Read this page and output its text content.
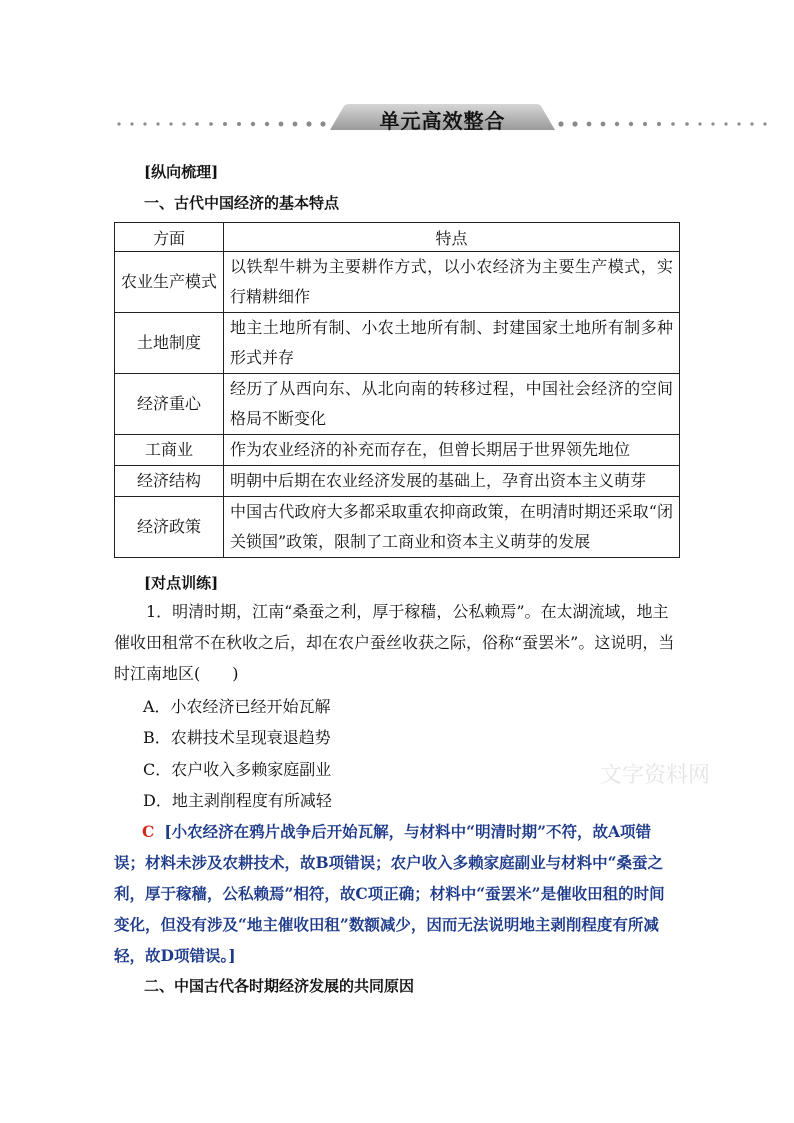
单元高效整合
[纵向梳理]
一、古代中国经济的基本特点
方面	特点
农业生产模式	以铁犁牛耕为主要耕作方式，以小农经济为主要生产模式，实行精耕细作
土地制度	地主土地所有制、小农土地所有制、封建国家土地所有制多种形式并存
经济重心	经历了从西向东、从北向南的转移过程，中国社会经济的空间格局不断变化
工商业	作为农业经济的补充而存在，但曾长期居于世界领先地位
经济结构	明朝中后期在农业经济发展的基础上，孕育出资本主义萌芽
经济政策	中国古代政府大多都采取重农抑商政策，在明清时期还采取“闭关锁国”政策，限制了工商业和资本主义萌芽的发展
[对点训练]
1．明清时期，江南“桑蚕之利，厚于稼穑，公私赖焉”。在太湖流域，地主催收田租常不在秋收之后，却在农户蚕丝收获之际，俗称“蚕罢米”。这说明，当时江南地区(　　)
A．小农经济已经开始瓦解
B．农耕技术呈现衰退趋势
C．农户收入多赖家庭副业
D．地主剥削程度有所减轻
文字资料网
C [小农经济在鸦片战争后开始瓦解，与材料中“明清时期”不符，故A项错误；材料未涉及农耕技术，故B项错误；农户收入多赖家庭副业与材料中“桑蚕之利，厚于稼穑，公私赖焉”相符，故C项正确；材料中“蚕罢米”是催收田租的时间变化，但没有涉及“地主催收田租”数额减少，因而无法说明地主剥削程度有所减轻，故D项错误。]
二、中国古代各时期经济发展的共同原因
